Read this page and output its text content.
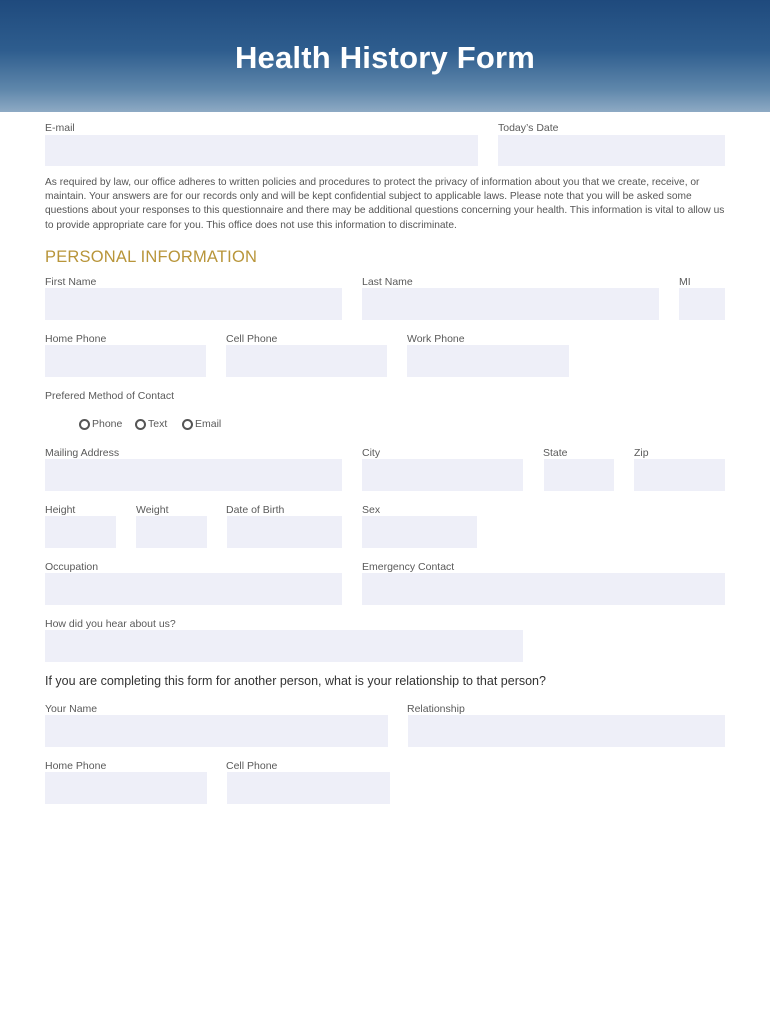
Health History Form
E-mail	Today’s Date
As required by law, our office adheres to written policies and procedures to protect the privacy of information about you that we create, receive, or maintain. Your answers are for our records only and will be kept confidential subject to applicable laws. Please note that you will be asked some questions about your responses to this questionnaire and there may be additional questions concerning your health. This information is vital to allow us to provide appropriate care for you. This office does not use this information to discriminate.
PERSONAL INFORMATION
First Name	Last Name	MI
Home Phone	Cell Phone	Work Phone
Prefered Method of Contact
Phone Text	Email
Mailing Address	City	State	Zip
Height	Weight	Date of Birth	Sex
Occupation	Emergency Contact
How did you hear about us?
If you are completing this form for another person, what is your relationship to that person?
Your Name	Relationship
Home Phone	Cell Phone
